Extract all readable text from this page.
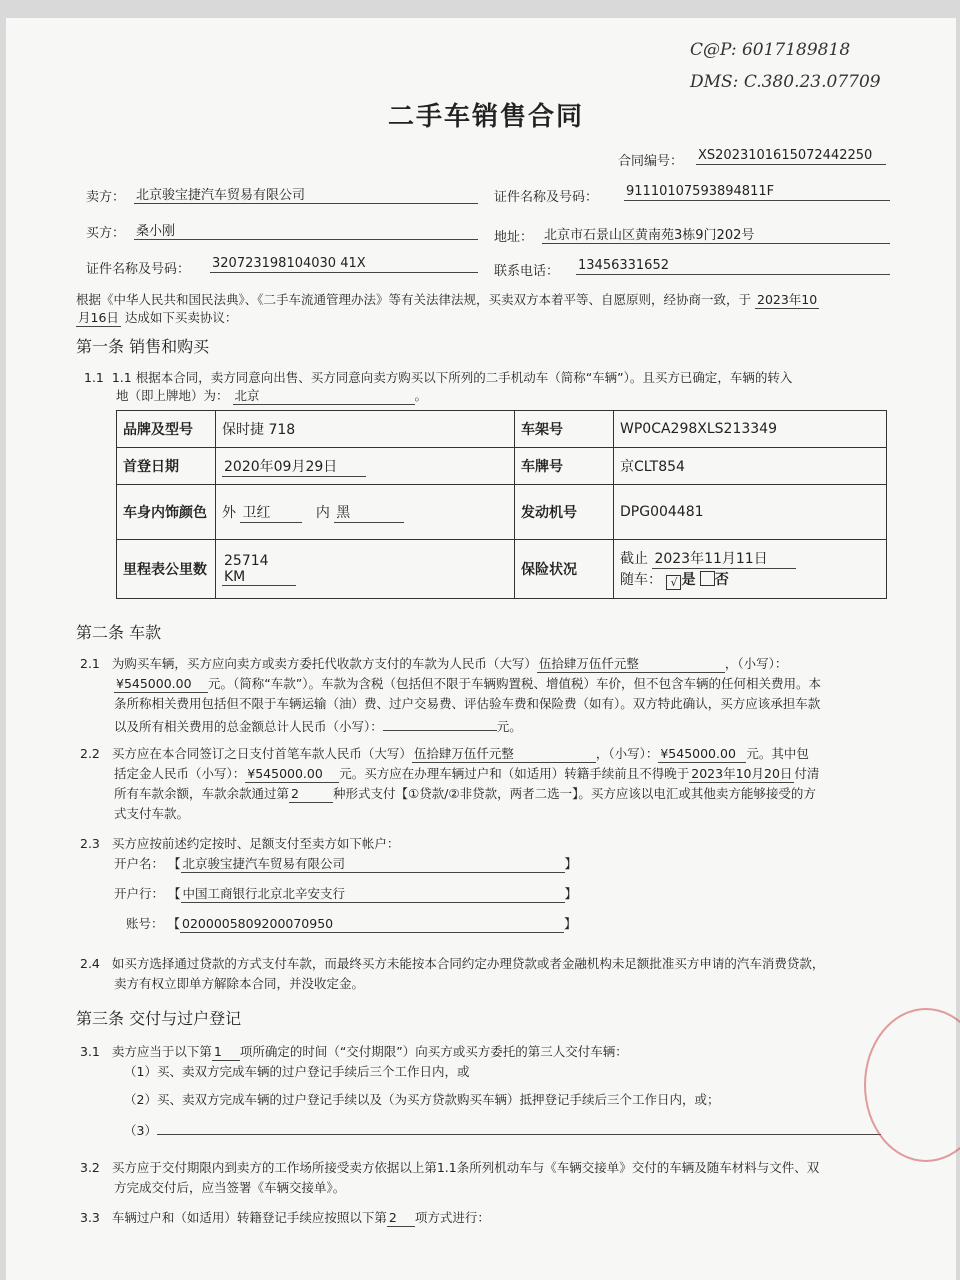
C@P: 6017189818
DMS: C.380.23.07709
二手车销售合同
合同编号： XS2023101615072442250
卖方： 北京骏宝捷汽车贸易有限公司	证件名称及号码： 91110107593894811F
买方： 桑小刚	地址： 北京市石景山区黄南苑3栋9门202号
证件名称及号码： 320723198104030 41X
联系电话： 13456331652
根据《中华人民共和国民法典》、《二手车流通管理办法》等有关法律法规，买卖双方本着平等、自愿原则，经协商一致，于 2023年10
月16日 达成如下买卖协议：
第一条 销售和购买
1.1 1.1 根据本合同，卖方同意向出售、买方同意向卖方购买以下所列的二手机动车（简称“车辆”）。且买方已确定，车辆的转入
地（即上牌地）为： 北京	。
品牌及型号	保时捷 718	车架号	WP0CA298XLS213349
首登日期	2020年09月29日	车牌号	京CLT854
车身内饰颜色	外 卫红 内 黑	发动机号	DPG004481
里程表公里数	25714 KM	保险状况	截止 2023年11月11日
随车： √ 是 否
第二条 车款
2.1 为购买车辆，买方应向卖方或卖方委托代收款方支付的车款为人民币（大写） 伍拾肆万伍仟元整	，（小写）：
¥545000.00 元。（简称“车款”）。车款为含税（包括但不限于车辆购置税、增值税）车价，但不包含车辆的任何相关费用。本
条所称相关费用包括但不限于车辆运输（油）费、过户交易费、评估验车费和保险费（如有）。双方特此确认，买方应该承担车款
以及所有相关费用的总金额总计人民币（小写）：	元。
2.2 买方应在本合同签订之日支付首笔车款人民币（大写） 伍拾肆万伍仟元整	，（小写）： ¥545000.00 元。其中包
括定金人民币（小写）： ¥545000.00 元。买方应在办理车辆过户和（如适用）转籍手续前且不得晚于 2023年10月20日 付清
所有车款余额，车款余款通过第 2	种形式支付【①贷款/②非贷款，两者二选一】。买方应该以电汇或其他卖方能够接受的方
式支付车款。
2.3 买方应按前述约定按时、足额支付至卖方如下帐户：
开户名： 【 北京骏宝捷汽车贸易有限公司	】
开户行： 【 中国工商银行北京北辛安支行	】
账号： 【 0200005809200070950	】
2.4 如买方选择通过贷款的方式支付车款，而最终买方未能按本合同约定办理贷款或者金融机构未足额批准买方申请的汽车消费贷款，
卖方有权立即单方解除本合同，并没收定金。
第三条 交付与过户登记
3.1 卖方应当于以下第 1 项所确定的时间（“交付期限”）向买方或买方委托的第三人交付车辆：
（1）买、卖双方完成车辆的过户登记手续后三个工作日内，或
（2）买、卖双方完成车辆的过户登记手续以及（为买方贷款购买车辆）抵押登记手续后三个工作日内，或；
（3）
3.2 买方应于交付期限内到卖方的工作场所接受卖方依据以上第1.1条所列机动车与《车辆交接单》交付的车辆及随车材料与文件、双
方完成交付后，应当签署《车辆交接单》。
3.3 车辆过户和（如适用）转籍登记手续应按照以下第 2 项方式进行：
